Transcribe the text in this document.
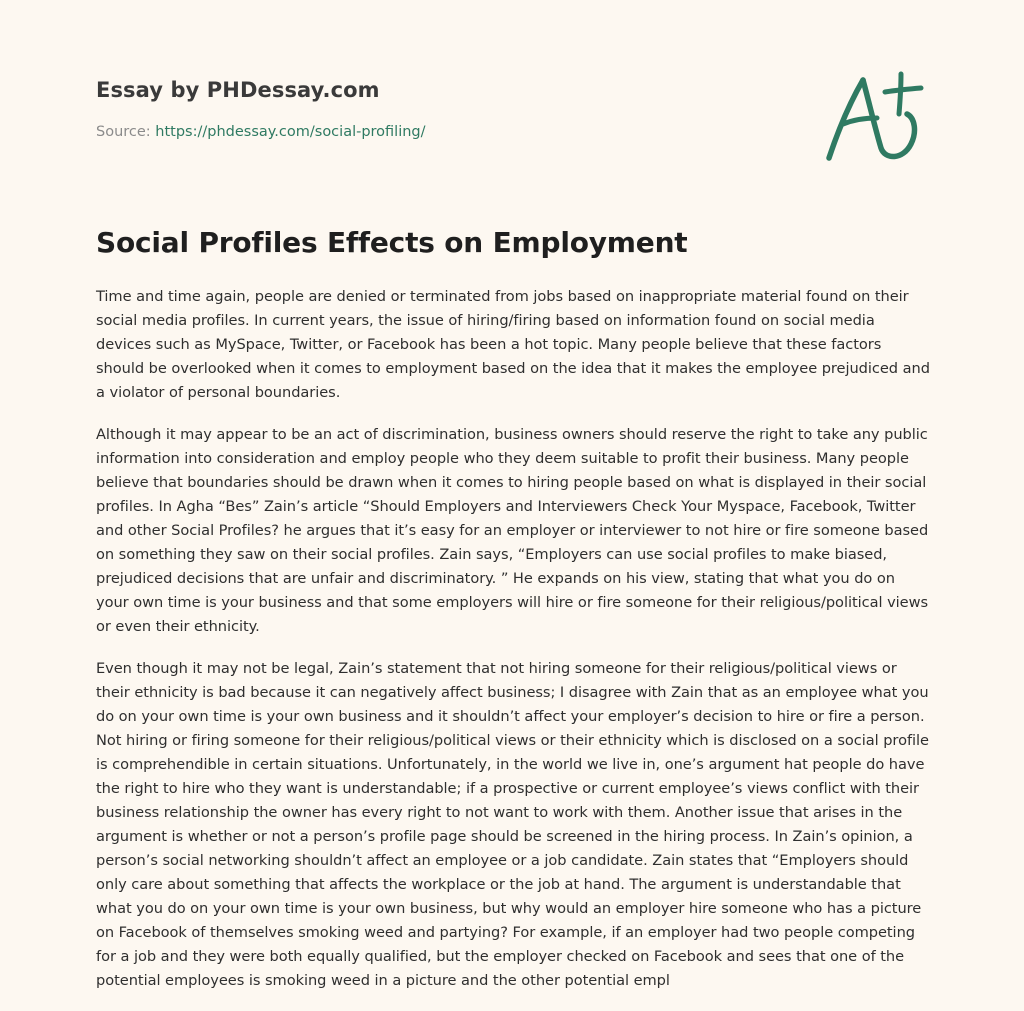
Essay by PHDessay.com
Source: https://phdessay.com/social-profiling/
Social Profiles Effects on Employment

Time and time again, people are denied or terminated from jobs based on inappropriate material found on their social media profiles. In current years, the issue of hiring/firing based on information found on social media devices such as MySpace, Twitter, or Facebook has been a hot topic. Many people believe that these factors should be overlooked when it comes to employment based on the idea that it makes the employee prejudiced and a violator of personal boundaries.

Although it may appear to be an act of discrimination, business owners should reserve the right to take any public information into consideration and employ people who they deem suitable to profit their business. Many people believe that boundaries should be drawn when it comes to hiring people based on what is displayed in their social profiles. In Agha “Bes” Zain’s article “Should Employers and Interviewers Check Your Myspace, Facebook, Twitter and other Social Profiles? he argues that it’s easy for an employer or interviewer to not hire or fire someone based on something they saw on their social profiles. Zain says, “Employers can use social profiles to make biased, prejudiced decisions that are unfair and discriminatory. ” He expands on his view, stating that what you do on your own time is your business and that some employers will hire or fire someone for their religious/political views or even their ethnicity.

Even though it may not be legal, Zain’s statement that not hiring someone for their religious/political views or their ethnicity is bad because it can negatively affect business; I disagree with Zain that as an employee what you do on your own time is your own business and it shouldn’t affect your employer’s decision to hire or fire a person. Not hiring or firing someone for their religious/political views or their ethnicity which is disclosed on a social profile is comprehendible in certain situations. Unfortunately, in the world we live in, one’s argument hat people do have the right to hire who they want is understandable; if a prospective or current employee’s views conflict with their business relationship the owner has every right to not want to work with them. Another issue that arises in the argument is whether or not a person’s profile page should be screened in the hiring process. In Zain’s opinion, a person’s social networking shouldn’t affect an employee or a job candidate. Zain states that “Employers should only care about something that affects the workplace or the job at hand. The argument is understandable that what you do on your own time is your own business, but why would an employer hire someone who has a picture on Facebook of themselves smoking weed and partying? For example, if an employer had two people competing for a job and they were both equally qualified, but the employer checked on Facebook and sees that one of the potential employees is smoking weed in a picture and the other potential empl
